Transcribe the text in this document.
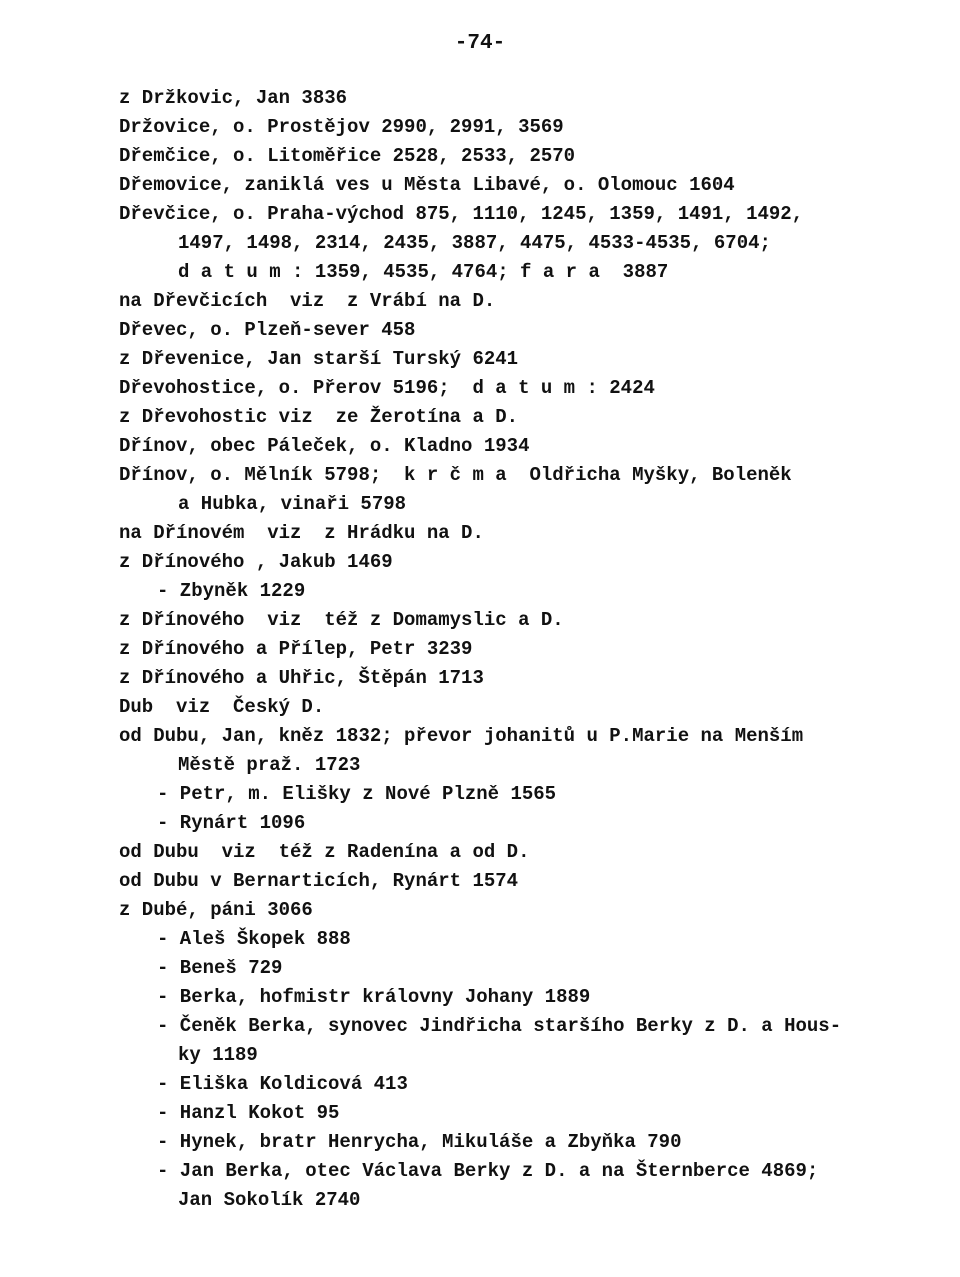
-74-
z Držkovic, Jan 3836
Držovice, o. Prostějov 2990, 2991, 3569
Dřemčice, o. Litoměřice 2528, 2533, 2570
Dřemovice, zaniklá ves u Města Libavé, o. Olomouc 1604
Dřevčice, o. Praha-východ 875, 1110, 1245, 1359, 1491, 1492,
1497, 1498, 2314, 2435, 3887, 4475, 4533-4535, 6704;
d a t u m : 1359, 4535, 4764; f a r a  3887
na Dřevčicích  viz  z Vrábí na D.
Dřevec, o. Plzeň-sever 458
z Dřevenice, Jan starší Turský 6241
Dřevohostice, o. Přerov 5196;  d a t u m : 2424
z Dřevohostic viz  ze Žerotína a D.
Dřínov, obec Páleček, o. Kladno 1934
Dřínov, o. Mělník 5798;  k r č m a  Oldřicha Myšky, Boleněk
a Hubka, vinaři 5798
na Dřínovém  viz  z Hrádku na D.
z Dřínového , Jakub 1469
- Zbyněk 1229
z Dřínového  viz  též z Domamyslic a D.
z Dřínového a Přílep, Petr 3239
z Dřínového a Uhřic, Štěpán 1713
Dub  viz  Český D.
od Dubu, Jan, kněz 1832; převor johanitů u P.Marie na Menším
Městě praž. 1723
- Petr, m. Elišky z Nové Plzně 1565
- Rynárt 1096
od Dubu  viz  též z Radenína a od D.
od Dubu v Bernarticích, Rynárt 1574
z Dubé, páni 3066
- Aleš Škopek 888
- Beneš 729
- Berka, hofmistr královny Johany 1889
- Čeněk Berka, synovec Jindřicha staršího Berky z D. a Hous-
ky 1189
- Eliška Koldicová 413
- Hanzl Kokot 95
- Hynek, bratr Henrycha, Mikuláše a Zbyňka 790
- Jan Berka, otec Václava Berky z D. a na Šternberce 4869;
Jan Sokolík 2740
